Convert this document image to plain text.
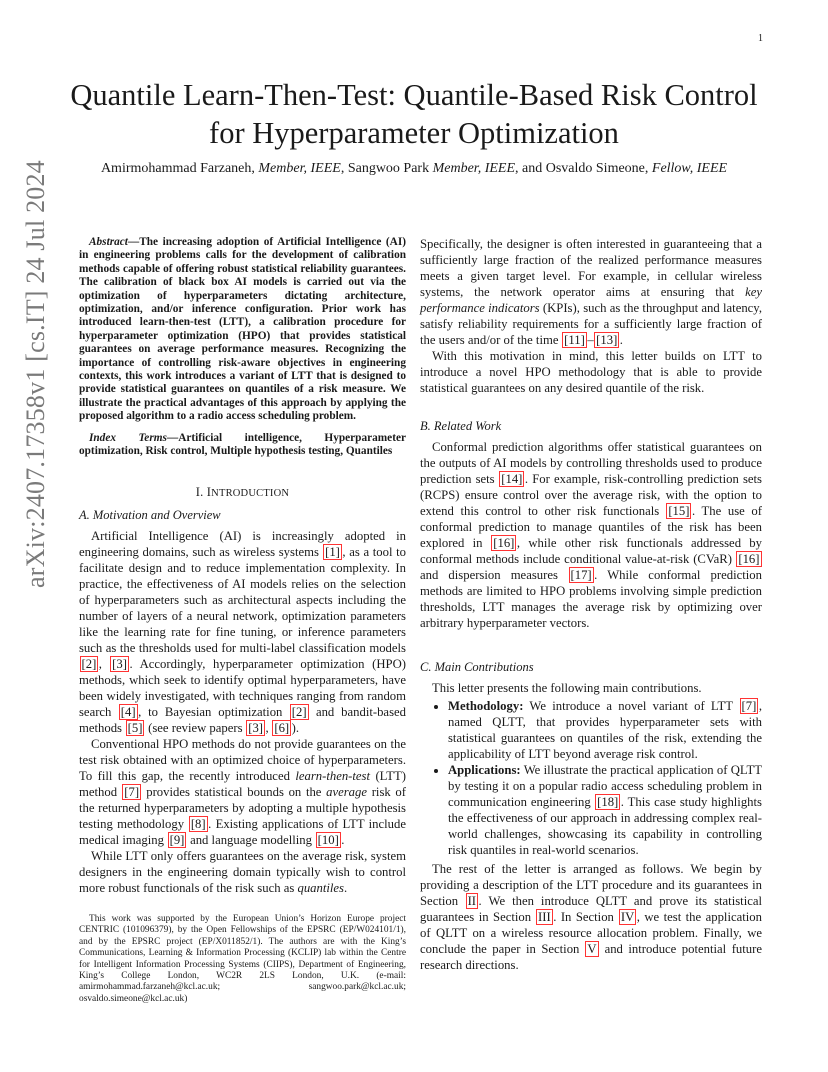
1
arXiv:2407.17358v1 [cs.IT] 24 Jul 2024
Quantile Learn-Then-Test: Quantile-Based Risk Control for Hyperparameter Optimization
Amirmohammad Farzaneh, Member, IEEE, Sangwoo Park Member, IEEE, and Osvaldo Simeone, Fellow, IEEE

Abstract—The increasing adoption of Artificial Intelligence (AI) in engineering problems calls for the development of calibration methods capable of offering robust statistical reliability guarantees. The calibration of black box AI models is carried out via the optimization of hyperparameters dictating architecture, optimization, and/or inference configuration. Prior work has introduced learn-then-test (LTT), a calibration procedure for hyperparameter optimization (HPO) that provides statistical guarantees on average performance measures. Recognizing the importance of controlling risk-aware objectives in engineering contexts, this work introduces a variant of LTT that is designed to provide statistical guarantees on quantiles of a risk measure. We illustrate the practical advantages of this approach by applying the proposed algorithm to a radio access scheduling problem.

Index Terms—Artificial intelligence, Hyperparameter optimization, Risk control, Multiple hypothesis testing, Quantiles

I. INTRODUCTION
A. Motivation and Overview

Artificial Intelligence (AI) is increasingly adopted in engineering domains, such as wireless systems [1] , as a tool to facilitate design and to reduce implementation complexity. In practice, the effectiveness of AI models relies on the selection of hyperparameters such as architectural aspects including the number of layers of a neural network, optimization parameters like the learning rate for fine tuning, or inference parameters such as the thresholds used for multi-label classification models [2] , [3] . Accordingly, hyperparameter optimization (HPO) methods, which seek to identify optimal hyperparameters, have been widely investigated, with techniques ranging from random search [4] , to Bayesian optimization [2] and bandit-based methods [5] (see review papers [3] , [6] ).

Conventional HPO methods do not provide guarantees on the test risk obtained with an optimized choice of hyperparameters. To fill this gap, the recently introduced learn-then-test (LTT) method [7] provides statistical bounds on the average risk of the returned hyperparameters by adopting a multiple hypothesis testing methodology [8] . Existing applications of LTT include medical imaging [9] and language modelling [10] .

While LTT only offers guarantees on the average risk, system designers in the engineering domain typically wish to control more robust functionals of the risk such as quantiles.

This work was supported by the European Union’s Horizon Europe project CENTRIC (101096379), by the Open Fellowships of the EPSRC (EP/W024101/1), and by the EPSRC project (EP/X011852/1). The authors are with the King’s Communications, Learning & Information Processing (KCLIP) lab within the Centre for Intelligent Information Processing Systems (CIIPS), Department of Engineering, King’s College London, WC2R 2LS London, U.K. (e-mail: amirmohammad.farzaneh@kcl.ac.uk; sangwoo.park@kcl.ac.uk; osvaldo.simeone@kcl.ac.uk)

Specifically, the designer is often interested in guaranteeing that a sufficiently large fraction of the realized performance measures meets a given target level. For example, in cellular wireless systems, the network operator aims at ensuring that key performance indicators (KPIs), such as the throughput and latency, satisfy reliability requirements for a sufficiently large fraction of the users and/or of the time [11] – [13] .

With this motivation in mind, this letter builds on LTT to introduce a novel HPO methodology that is able to provide statistical guarantees on any desired quantile of the risk.

B. Related Work

Conformal prediction algorithms offer statistical guarantees on the outputs of AI models by controlling thresholds used to produce prediction sets [14] . For example, risk-controlling prediction sets (RCPS) ensure control over the average risk, with the option to extend this control to other risk functionals [15] . The use of conformal prediction to manage quantiles of the risk has been explored in [16] , while other risk functionals addressed by conformal methods include conditional value-at-risk (CVaR) [16] and dispersion measures [17] . While conformal prediction methods are limited to HPO problems involving simple prediction thresholds, LTT manages the average risk by optimizing over arbitrary hyperparameter vectors.

C. Main Contributions

This letter presents the following main contributions.

• Methodology: We introduce a novel variant of LTT [7] , named QLTT, that provides hyperparameter sets with statistical guarantees on quantiles of the risk, extending the applicability of LTT beyond average risk control.
• Applications: We illustrate the practical application of QLTT by testing it on a popular radio access scheduling problem in communication engineering [18] . This case study highlights the effectiveness of our approach in addressing complex real-world challenges, showcasing its capability in controlling risk quantiles in real-world scenarios.

The rest of the letter is arranged as follows. We begin by providing a description of the LTT procedure and its guarantees in Section II . We then introduce QLTT and prove its statistical guarantees in Section III . In Section IV , we test the application of QLTT on a wireless resource allocation problem. Finally, we conclude the paper in Section V and introduce potential future research directions.
